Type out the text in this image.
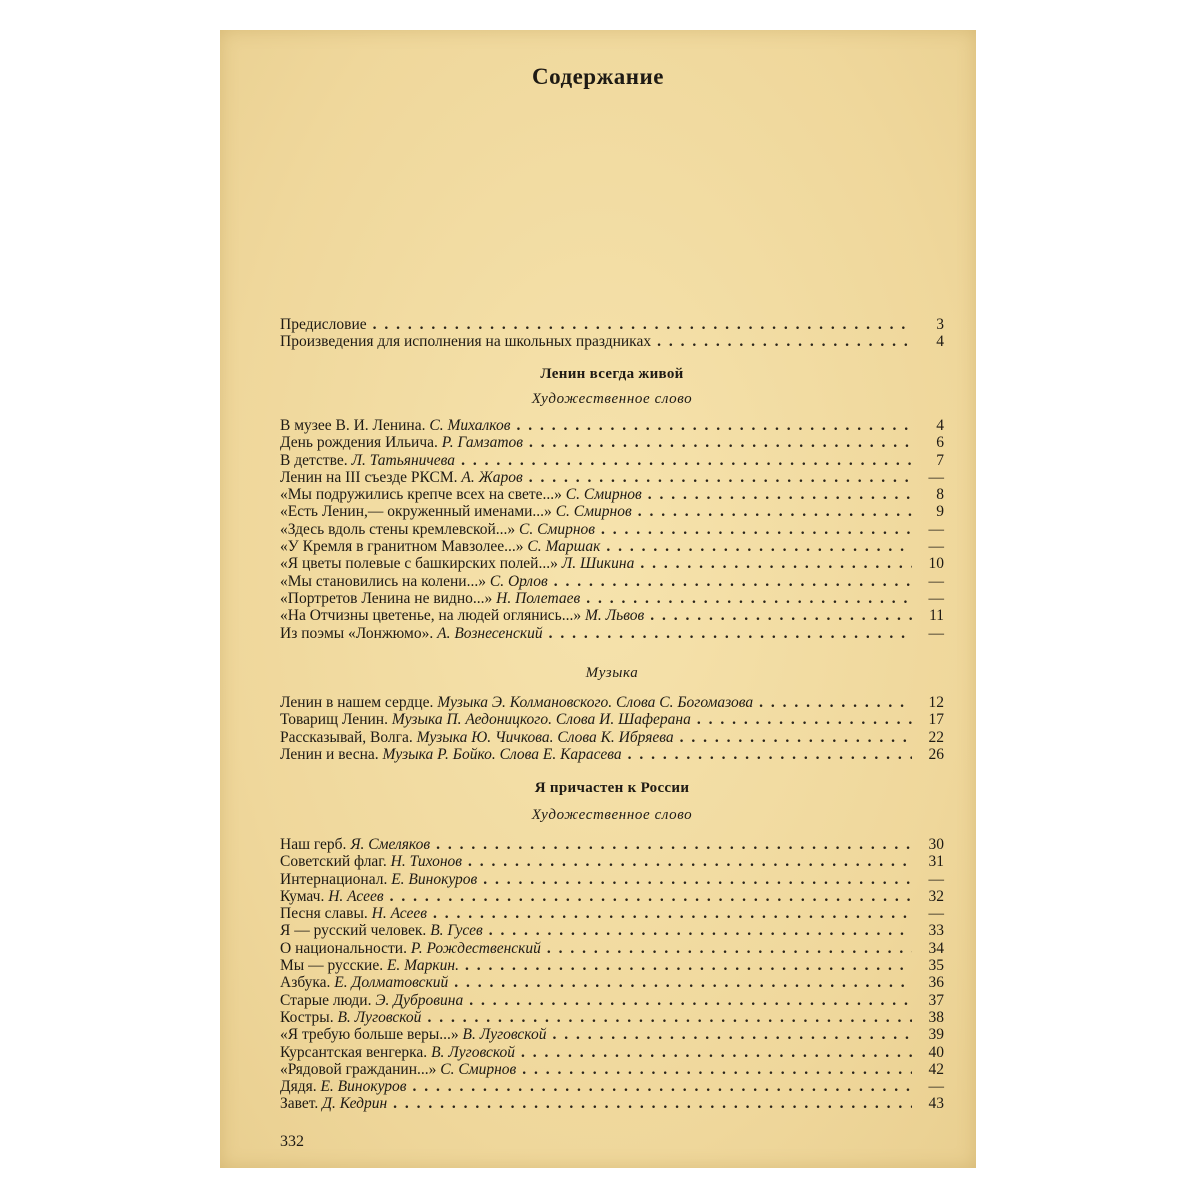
Содержание
Предисловие . . .	3
Произведения для исполнения на школьных праздниках . . .	4
Ленин всегда живой
Художественное слово
В музее В. И. Ленина. С. Михалков . . .	4
День рождения Ильича. Р. Гамзатов . . .	6
В детстве. Л. Татьяничева . . .	7
Ленин на III съезде РКСМ. А. Жаров . . .	—
«Мы подружились крепче всех на свете...» С. Смирнов . . .	8
«Есть Ленин,— окруженный именами...» С. Смирнов . . .	9
«Здесь вдоль стены кремлевской...» С. Смирнов . . .	—
«У Кремля в гранитном Мавзолее...» С. Маршак . . .	—
«Я цветы полевые с башкирских полей...» Л. Шикина . . .	10
«Мы становились на колени...» С. Орлов . . .	—
«Портретов Ленина не видно...» Н. Полетаев . . .	—
«На Отчизны цветенье, на людей оглянись...» М. Львов . . .	11
Из поэмы «Лонжюмо». А. Вознесенский . . .	—
Музыка
Ленин в нашем сердце. Музыка Э. Колмановского. Слова С. Богомазова . . .	12
Товарищ Ленин. Музыка П. Аедоницкого. Слова И. Шаферана . . .	17
Рассказывай, Волга. Музыка Ю. Чичкова. Слова К. Ибряева . . .	22
Ленин и весна. Музыка Р. Бойко. Слова Е. Карасева . . .	26
Я причастен к России
Художественное слово
Наш герб. Я. Смеляков . . .	30
Советский флаг. Н. Тихонов . . .	31
Интернационал. Е. Винокуров . . .	—
Кумач. Н. Асеев . . .	32
Песня славы. Н. Асеев . . .	—
Я — русский человек. В. Гусев . . .	33
О национальности. Р. Рождественский . . .	34
Мы — русские. Е. Маркин. . . .	35
Азбука. Е. Долматовский . . .	36
Старые люди. Э. Дубровина . . .	37
Костры. В. Луговской . . .	38
«Я требую больше веры...» В. Луговской . . .	39
Курсантская венгерка. В. Луговской . . .	40
«Рядовой гражданин...» С. Смирнов . . .	42
Дядя. Е. Винокуров . . .	—
Завет. Д. Кедрин . . .	43
332
